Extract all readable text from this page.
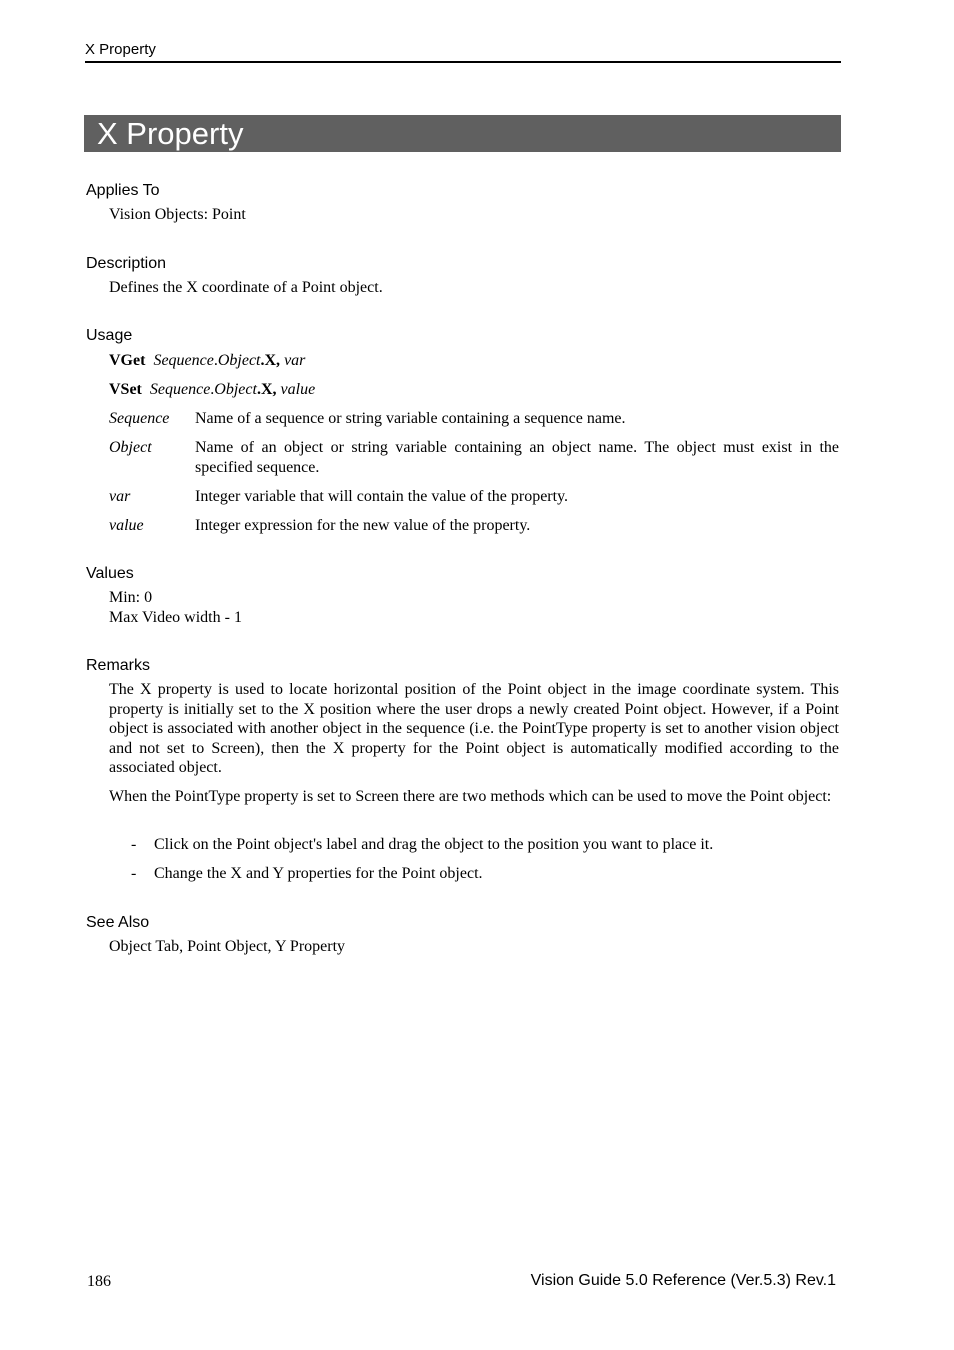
X Property
X Property
Applies To
Vision Objects: Point
Description
Defines the X coordinate of a Point object.
Usage
VGet Sequence.Object.X, var
VSet Sequence.Object.X, value
Sequence Name of a sequence or string variable containing a sequence name.
Object	Name of an object or string variable containing an object name. The object must exist in the specified sequence.
var	Integer variable that will contain the value of the property.
value	Integer expression for the new value of the property.
Values
Min: 0
Max Video width - 1
Remarks
The X property is used to locate horizontal position of the Point object in the image coordinate system. This property is initially set to the X position where the user drops a newly created Point object. However, if a Point object is associated with another object in the sequence (i.e. the PointType property is set to another vision object and not set to Screen), then the X property for the Point object is automatically modified according to the associated object.
When the PointType property is set to Screen there are two methods which can be used to move the Point object:
- Click on the Point object's label and drag the object to the position you want to place it.
- Change the X and Y properties for the Point object.
See Also
Object Tab, Point Object, Y Property
186	Vision Guide 5.0 Reference (Ver.5.3) Rev.1
